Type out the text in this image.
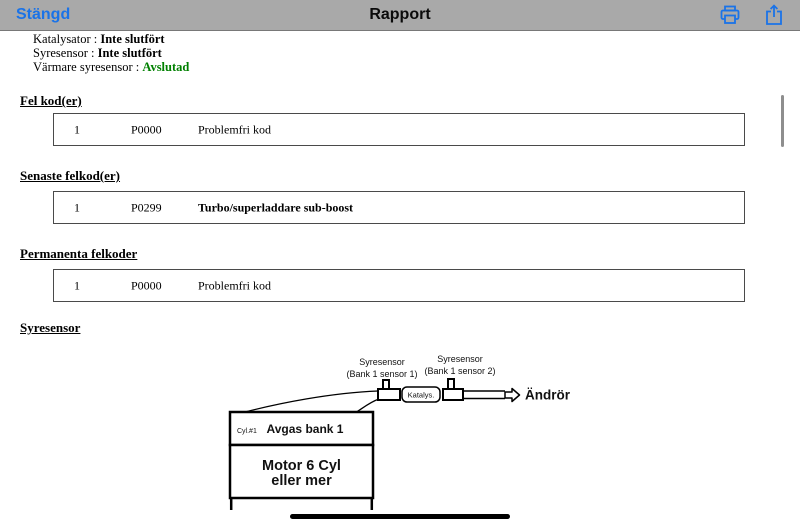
Stängd	Rapport
Katalysator : Inte slutfört
Syresensor : Inte slutfört
Värmare syresensor : Avslutad
Fel kod(er)
1	P0000	Problemfri kod
Senaste felkod(er)
1	P0299	Turbo/superladdare sub-boost
Permanenta felkoder
1	P0000	Problemfri kod
Syresensor
Syresensor
(Bank 1 sensor 1)
Syresensor
(Bank 1 sensor 2)
Katalys.	Ändrör
Cyl.#1 Avgas bank 1
Motor 6 Cyl
eller mer
